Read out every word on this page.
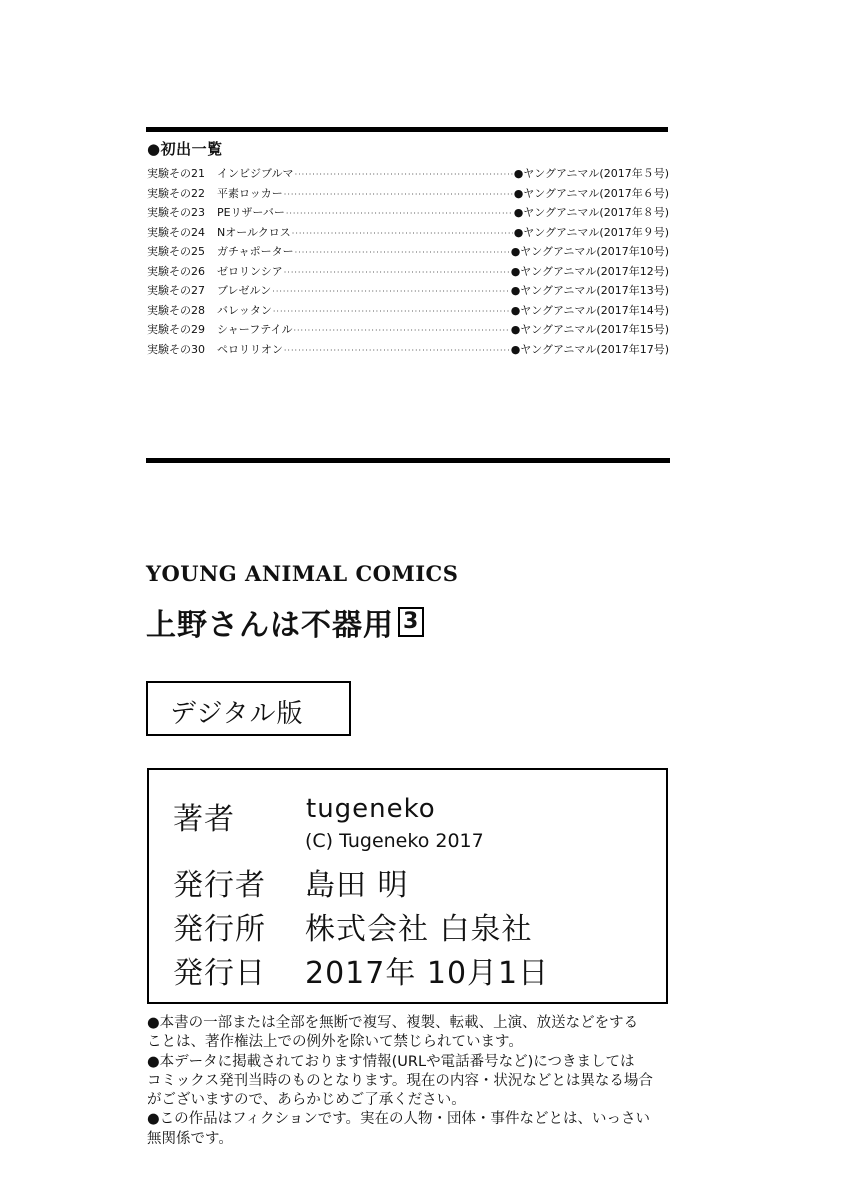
●初出一覧
実験その21	インビジブルマ ·····	●ヤングアニマル(2017年５号)
実験その22	平素ロッカー ·····	●ヤングアニマル(2017年６号)
実験その23	PEリザーバー ·····	●ヤングアニマル(2017年８号)
実験その24	Nオールクロス ·····	●ヤングアニマル(2017年９号)
実験その25	ガチャポーター ·····	●ヤングアニマル(2017年10号)
実験その26	ゼロリンシア ·····	●ヤングアニマル(2017年12号)
実験その27	ブレゼルン ·····	●ヤングアニマル(2017年13号)
実験その28	バレッタン ·····	●ヤングアニマル(2017年14号)
実験その29	シャーフテイル ·····	●ヤングアニマル(2017年15号)
実験その30	ペロリリオン ·····	●ヤングアニマル(2017年17号)
YOUNG ANIMAL COMICS
上野さんは不器用 3
デジタル版
著者	tugeneko
(C) Tugeneko 2017
発行者 島田 明
発行所 株式会社 白泉社
発行日 2017年 10月1日
●本書の一部または全部を無断で複写、複製、転載、上演、放送などをする
ことは、著作権法上での例外を除いて禁じられています。
●本データに掲載されております情報(URLや電話番号など)につきましては
コミックス発刊当時のものとなります。現在の内容・状況などとは異なる場合
がございますので、あらかじめご了承ください。
●この作品はフィクションです。実在の人物・団体・事件などとは、いっさい
無関係です。
